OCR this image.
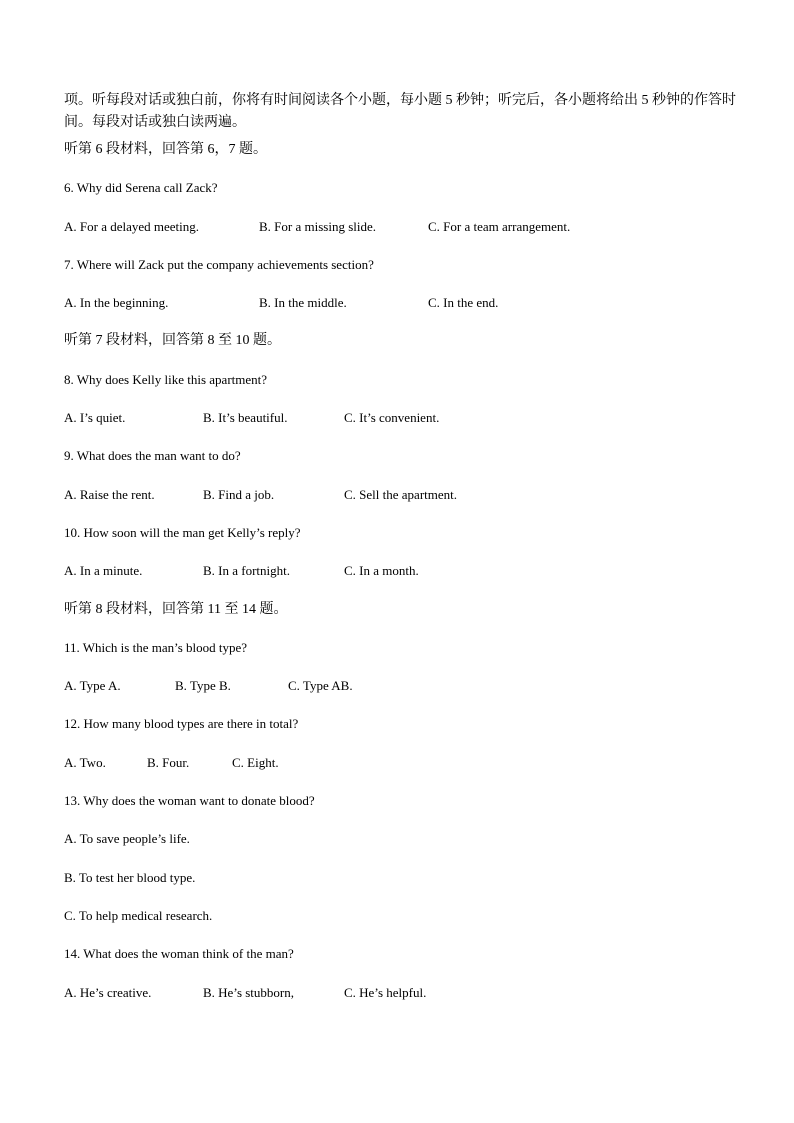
项。听每段对话或独白前，你将有时间阅读各个小题，每小题 5 秒钟；听完后，各小题将给出 5 秒钟的作答时间。每段对话或独白读两遍。

听第 6 段材料，回答第 6，7 题。
6. Why did Serena call Zack?
A. For a delayed meeting.	B. For a missing slide.	C. For a team arrangement.
7. Where will Zack put the company achievements section?
A. In the beginning.	B. In the middle.	C. In the end.
听第 7 段材料，回答第 8 至 10 题。
8. Why does Kelly like this apartment?
A. I’s quiet.	B. It’s beautiful.	C. It’s convenient.
9. What does the man want to do?
A. Raise the rent.	B. Find a job.	C. Sell the apartment.
10. How soon will the man get Kelly’s reply?
A. In a minute.	B. In a fortnight.	C. In a month.
听第 8 段材料，回答第 11 至 14 题。
11. Which is the man’s blood type?
A. Type A.	B. Type B.	C. Type AB.
12. How many blood types are there in total?
A. Two.	B. Four.	C. Eight.
13. Why does the woman want to donate blood?
A. To save people’s life.
B. To test her blood type.
C. To help medical research.
14. What does the woman think of the man?
A. He’s creative.	B. He’s stubborn,	C. He’s helpful.
